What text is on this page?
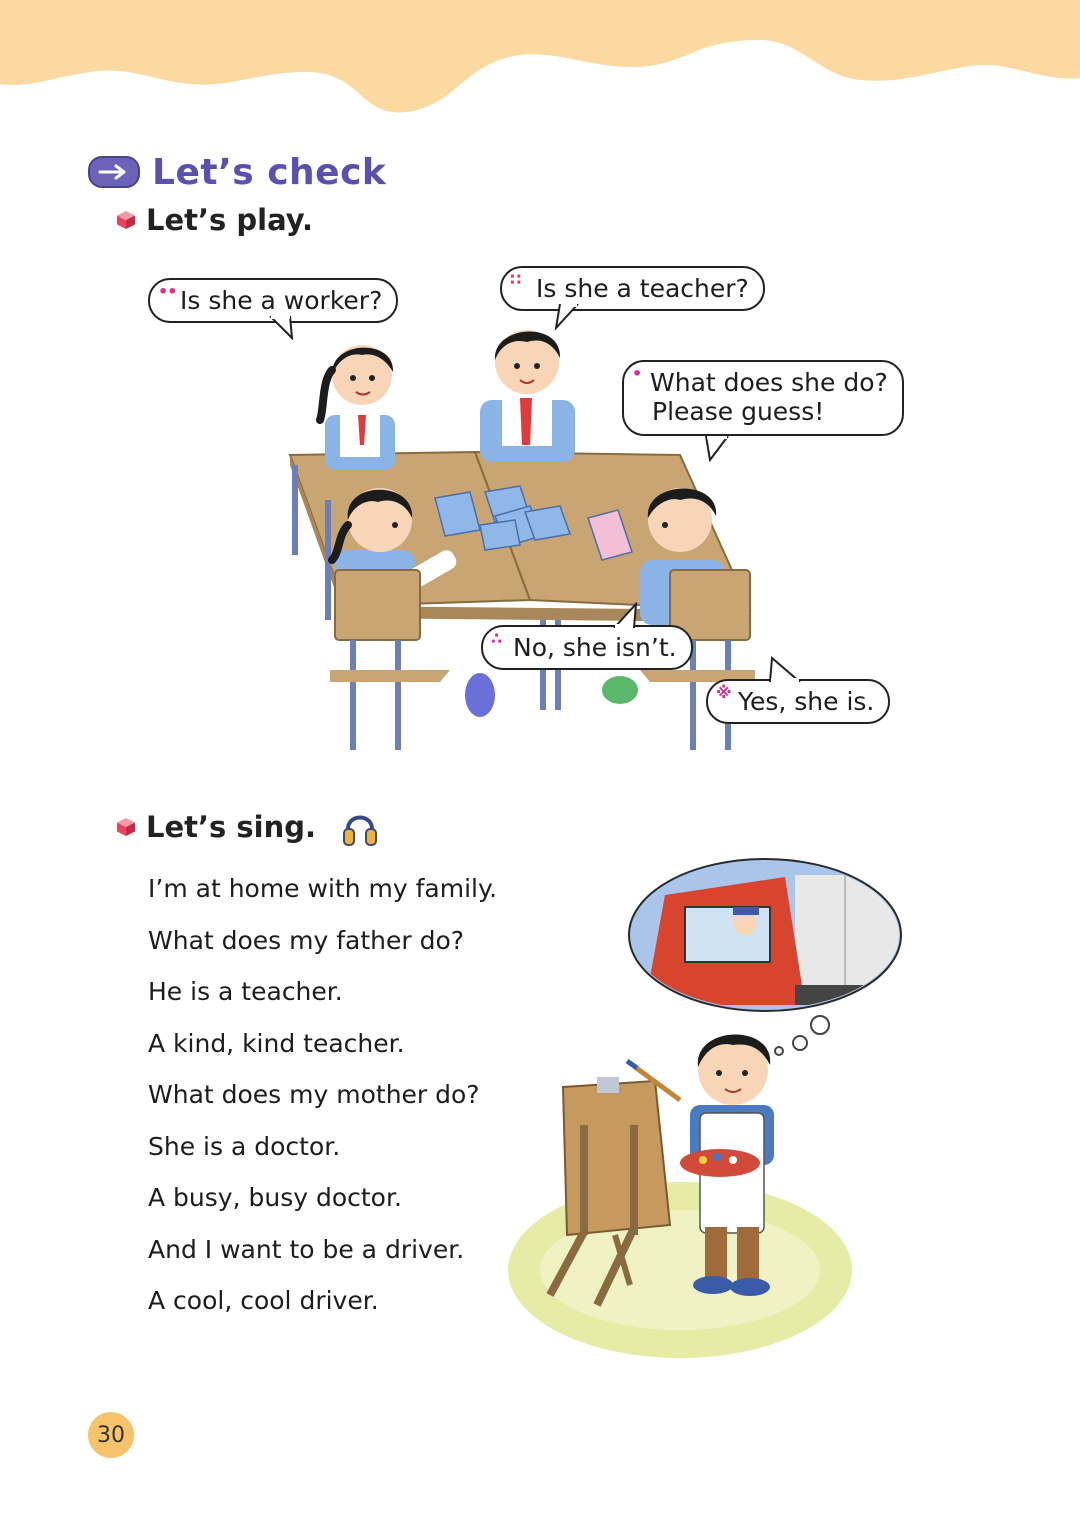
Let’s check
Let’s play.
•• Is she a worker?
∷ Is she a teacher?
• What does she do?
Please guess!
∴ No, she isn’t.
※ Yes, she is.
Let’s sing.
I’m at home with my family.
What does my father do?
He is a teacher.
A kind, kind teacher.
What does my mother do?
She is a doctor.
A busy, busy doctor.
And I want to be a driver.
A cool, cool driver.
30
